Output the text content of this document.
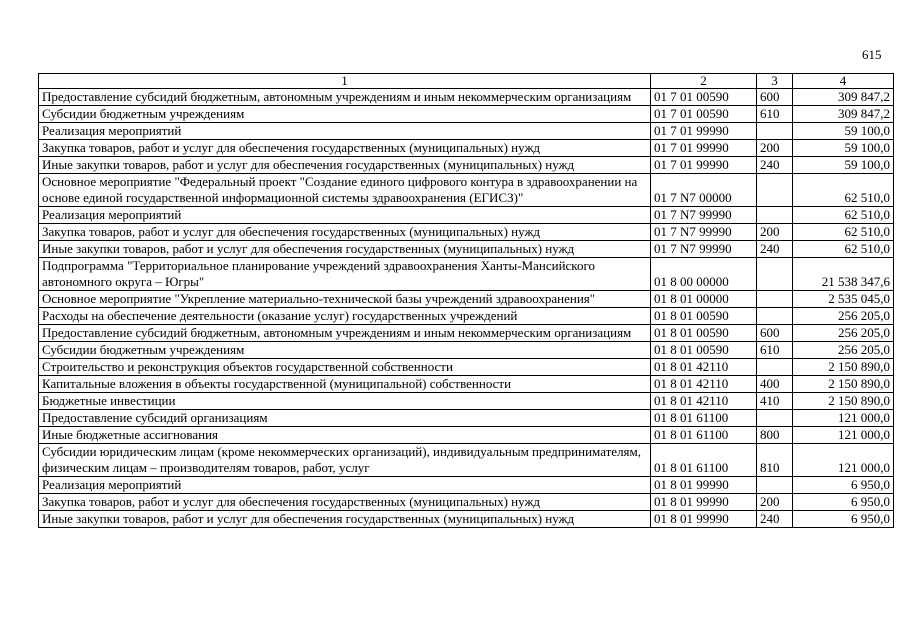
615
1	2	3	4
Предоставление субсидий бюджетным, автономным учреждениям и иным некоммерческим организациям	01 7 01 00590	600	309 847,2
Субсидии бюджетным учреждениям	01 7 01 00590	610	309 847,2
Реализация мероприятий	01 7 01 99990		59 100,0
Закупка товаров, работ и услуг для обеспечения государственных (муниципальных) нужд	01 7 01 99990	200	59 100,0
Иные закупки товаров, работ и услуг для обеспечения государственных (муниципальных) нужд	01 7 01 99990	240	59 100,0
Основное мероприятие "Федеральный проект "Создание единого цифрового контура в здравоохранении на основе единой государственной информационной системы здравоохранения (ЕГИСЗ)"	01 7 N7 00000		62 510,0
Реализация мероприятий	01 7 N7 99990		62 510,0
Закупка товаров, работ и услуг для обеспечения государственных (муниципальных) нужд	01 7 N7 99990	200	62 510,0
Иные закупки товаров, работ и услуг для обеспечения государственных (муниципальных) нужд	01 7 N7 99990	240	62 510,0
Подпрограмма "Территориальное планирование учреждений здравоохранения Ханты-Мансийского автономного округа – Югры"	01 8 00 00000		21 538 347,6
Основное мероприятие "Укрепление материально-технической базы учреждений здравоохранения"	01 8 01 00000		2 535 045,0
Расходы на обеспечение деятельности (оказание услуг) государственных учреждений	01 8 01 00590		256 205,0
Предоставление субсидий бюджетным, автономным учреждениям и иным некоммерческим организациям	01 8 01 00590	600	256 205,0
Субсидии бюджетным учреждениям	01 8 01 00590	610	256 205,0
Строительство и реконструкция объектов государственной собственности	01 8 01 42110		2 150 890,0
Капитальные вложения в объекты государственной (муниципальной) собственности	01 8 01 42110	400	2 150 890,0
Бюджетные инвестиции	01 8 01 42110	410	2 150 890,0
Предоставление субсидий организациям	01 8 01 61100		121 000,0
Иные бюджетные ассигнования	01 8 01 61100	800	121 000,0
Субсидии юридическим лицам (кроме некоммерческих организаций), индивидуальным предпринимателям, физическим лицам – производителям товаров, работ, услуг	01 8 01 61100	810	121 000,0
Реализация мероприятий	01 8 01 99990		6 950,0
Закупка товаров, работ и услуг для обеспечения государственных (муниципальных) нужд	01 8 01 99990	200	6 950,0
Иные закупки товаров, работ и услуг для обеспечения государственных (муниципальных) нужд	01 8 01 99990	240	6 950,0
